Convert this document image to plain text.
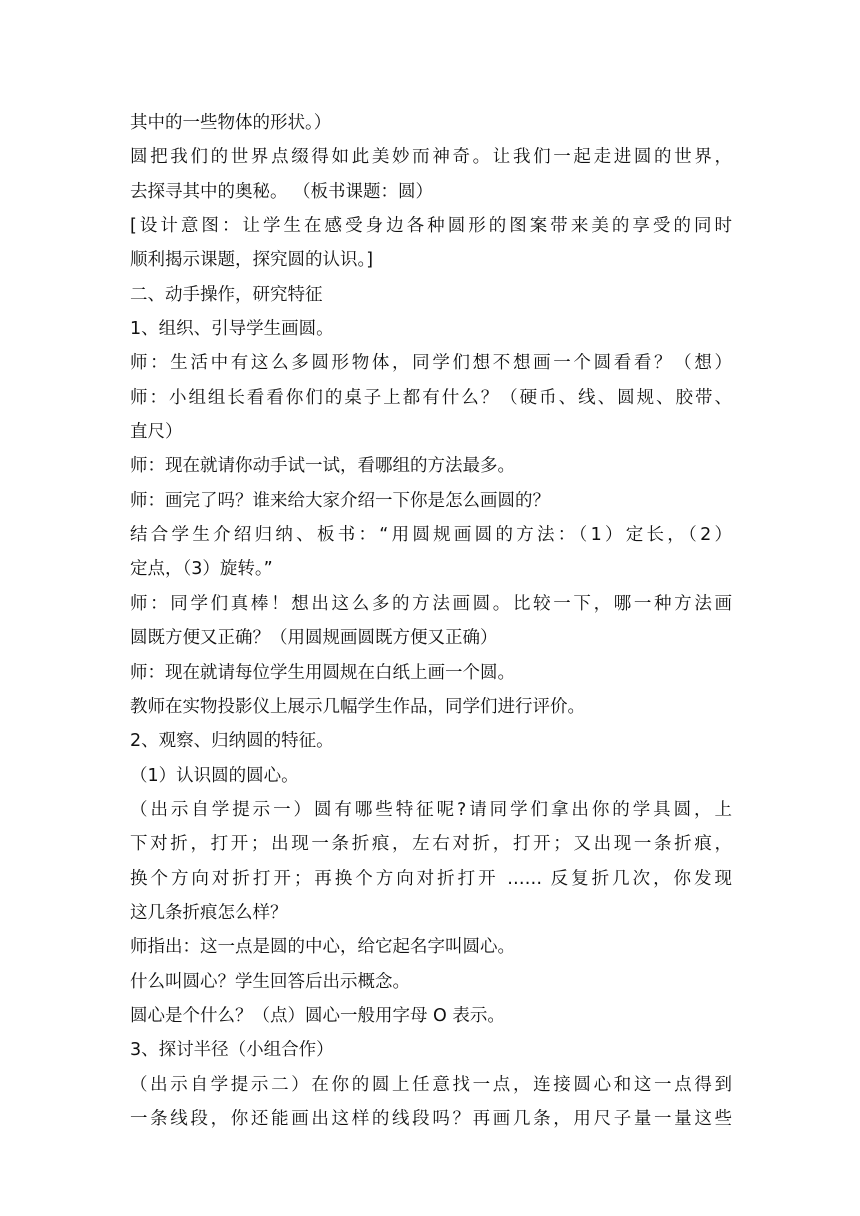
其中的一些物体的形状。）
圆把我们的世界点缀得如此美妙而神奇。让我们一起走进圆的世界，
去探寻其中的奥秘。 （板书课题：圆）
[设计意图：让学生在感受身边各种圆形的图案带来美的享受的同时
顺利揭示课题，探究圆的认识。]
二、动手操作，研究特征
1、组织、引导学生画圆。
师：生活中有这么多圆形物体，同学们想不想画一个圆看看？（想）
师：小组组长看看你们的桌子上都有什么？（硬币、线、圆规、胶带、
直尺）
师：现在就请你动手试一试，看哪组的方法最多。
师：画完了吗？谁来给大家介绍一下你是怎么画圆的？
结合学生介绍归纳、板书：“用圆规画圆的方法：（1）定长，（2）
定点，（3）旋转。”
师：同学们真棒！想出这么多的方法画圆。比较一下，哪一种方法画
圆既方便又正确？（用圆规画圆既方便又正确）
师：现在就请每位学生用圆规在白纸上画一个圆。
教师在实物投影仪上展示几幅学生作品，同学们进行评价。
2、观察、归纳圆的特征。
（1）认识圆的圆心。
（出示自学提示一）圆有哪些特征呢?请同学们拿出你的学具圆，上
下对折，打开；出现一条折痕，左右对折，打开；又出现一条折痕，
换个方向对折打开；再换个方向对折打开 …… 反复折几次，你发现
这几条折痕怎么样？
师指出：这一点是圆的中心，给它起名字叫圆心。
什么叫圆心？学生回答后出示概念。
圆心是个什么？（点）圆心一般用字母 O 表示。
3、探讨半径（小组合作）
（出示自学提示二）在你的圆上任意找一点，连接圆心和这一点得到
一条线段，你还能画出这样的线段吗？再画几条，用尺子量一量这些
